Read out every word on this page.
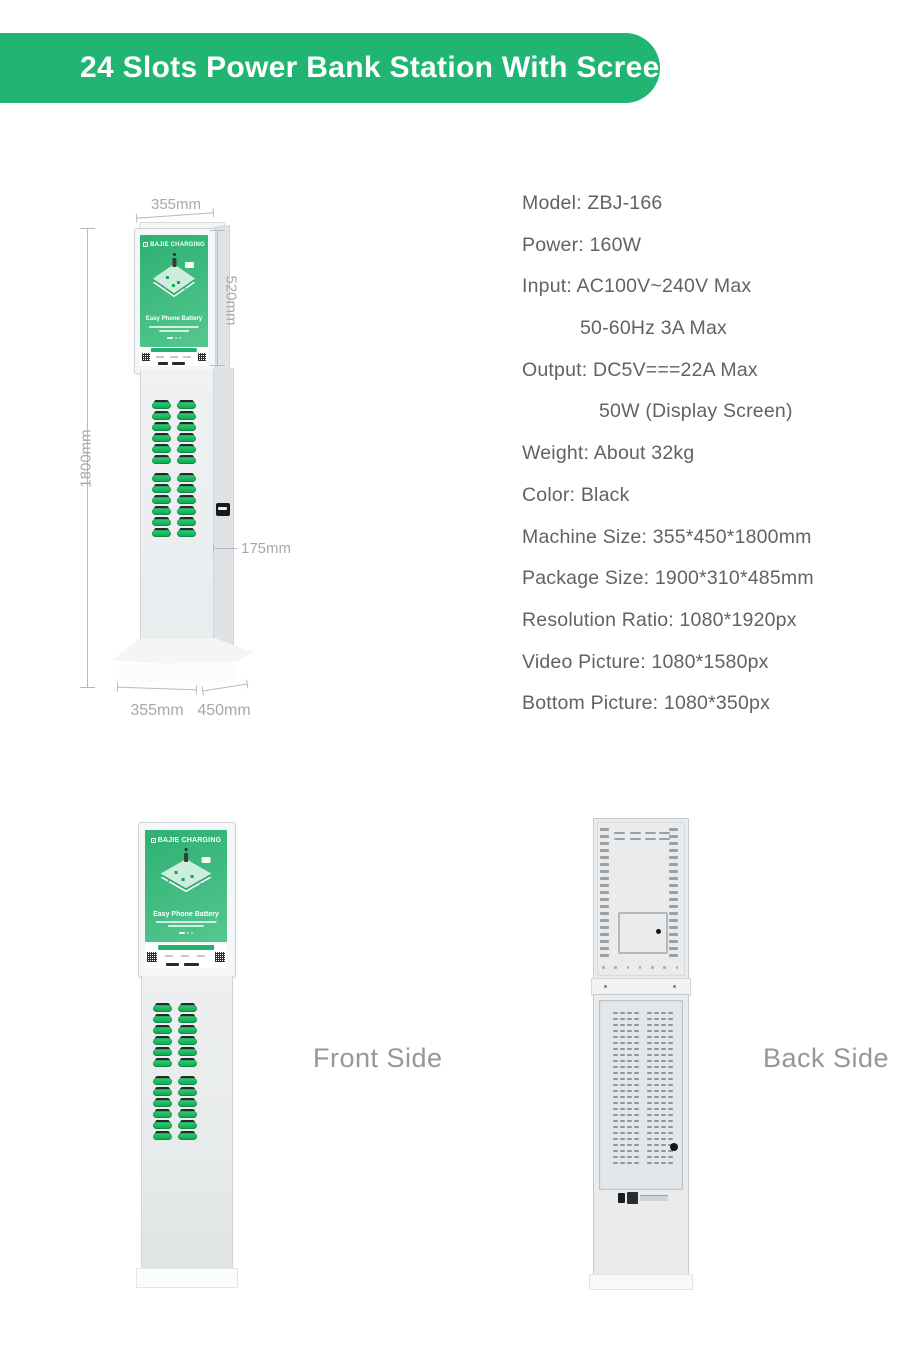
24 Slots Power Bank Station With Screen
1800mm
355mm
BAJIE CHARGING
Easy Phone Battery	520mm
175mm
355mm 450mm
Model: ZBJ-166
Power: 160W
Input: AC100V~240V Max
50-60Hz 3A Max
Output: DC5V===22A Max
50W (Display Screen)
Weight: About 32kg
Color: Black
Machine Size: 355*450*1800mm
Package Size: 1900*310*485mm
Resolution Ratio: 1080*1920px
Video Picture: 1080*1580px
Bottom Picture: 1080*350px
BAJIE CHARGING
Easy Phone Battery
Front Side	Back Side
